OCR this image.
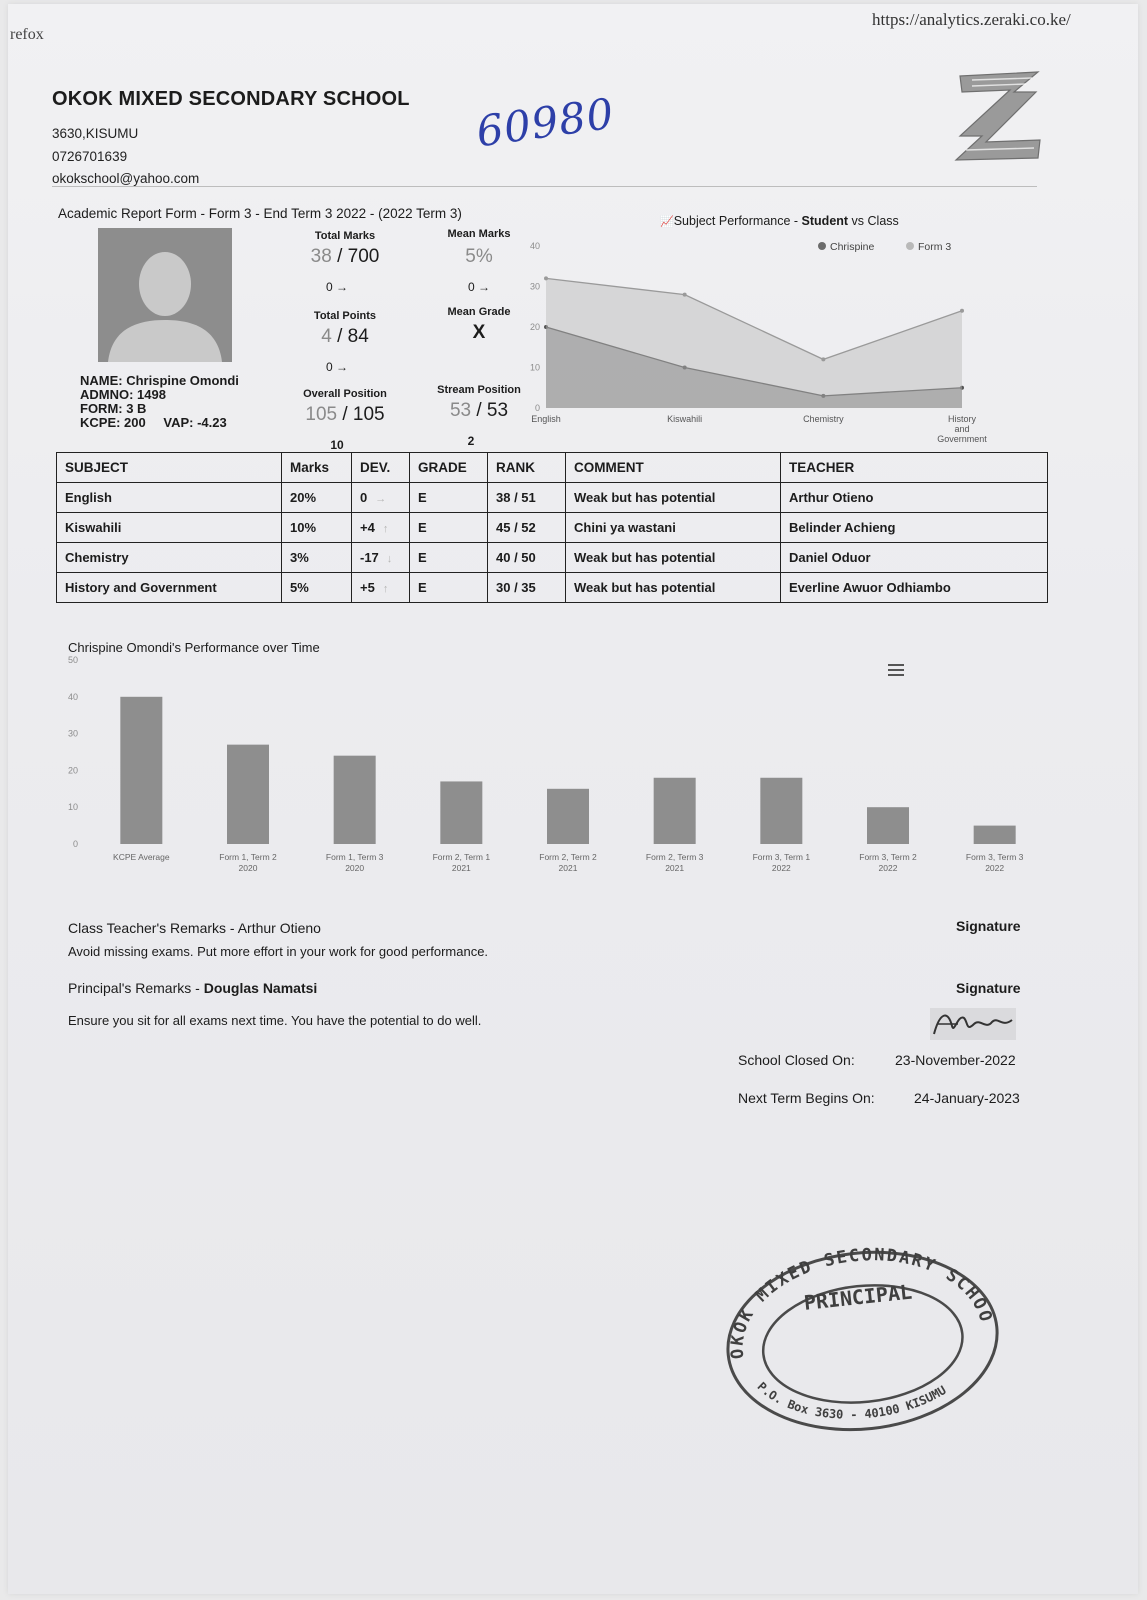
refox
https://analytics.zeraki.co.ke/
OKOK MIXED SECONDARY SCHOOL
3630,KISUMU
0726701639
okokschool@yahoo.com
60980
Academic Report Form - Form 3 - End Term 3 2022 - (2022 Term 3)
NAME: Chrispine Omondi
ADMNO: 1498
FORM: 3 B
KCPE: 200 VAP: -4.23
Total Marks
38 / 700
0 →
Mean Marks
5%
0 →
Total Points
4 / 84
0 →
Mean Grade
X
Overall Position
105 / 105
10
Stream Position
53 / 53
2
📈Subject Performance - Student vs Class
0
10
20
30
40
English	Kiswahili	Chemistry	History and Government
Chrispine	Form 3
SUBJECT	Marks	DEV.	GRADE	RANK	COMMENT	TEACHER
English	20%	0 →	E	38 / 51	Weak but has potential	Arthur Otieno
Kiswahili	10%	+4 ↑	E	45 / 52	Chini ya wastani	Belinder Achieng
Chemistry	3%	-17 ↓	E	40 / 50	Weak but has potential	Daniel Oduor
History and Government	5%	+5 ↑	E	30 / 35	Weak but has potential	Everline Awuor Odhiambo
Chrispine Omondi's Performance over Time
0
10
20
30
40
50
KCPE Average	Form 1, Term 2
2020
Form 1, Term 3
2020
Form 2, Term 1
2021
Form 2, Term 2
2021
Form 2, Term 3
2021
Form 3, Term 1
2022
Form 3, Term 2
2022
Form 3, Term 3
2022
Class Teacher's Remarks - Arthur Otieno
Avoid missing exams. Put more effort in your work for good performance.
Signature
Principal's Remarks - Douglas Namatsi
Ensure you sit for all exams next time. You have the potential to do well.
Signature
School Closed On:	23-November-2022
Next Term Begins On:	24-January-2023
OKOK MIXED SECONDARY SCHOOL
PRINCIPAL
P.O. Box 3630 - 40100 KISUMU
